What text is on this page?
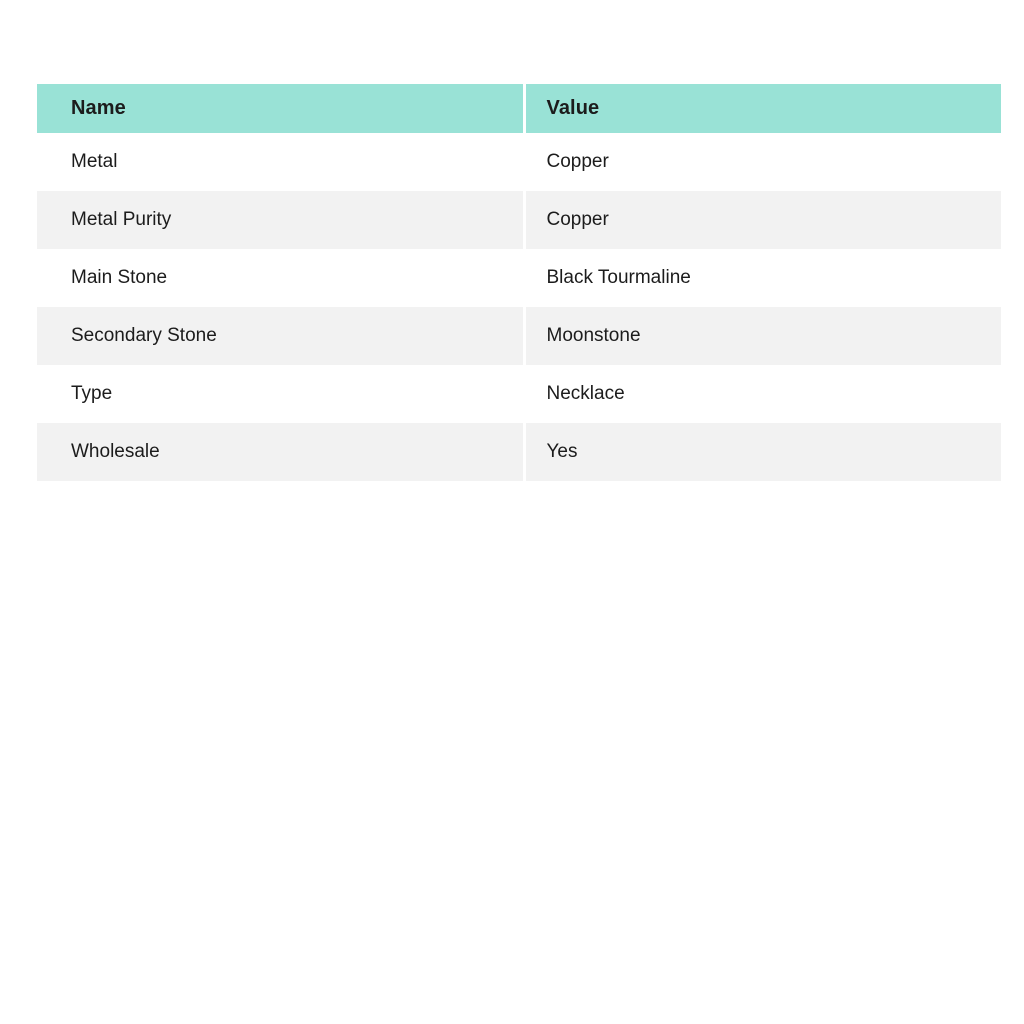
Name	Value
Metal	Copper
Metal Purity	Copper
Main Stone	Black Tourmaline
Secondary Stone	Moonstone
Type	Necklace
Wholesale	Yes
